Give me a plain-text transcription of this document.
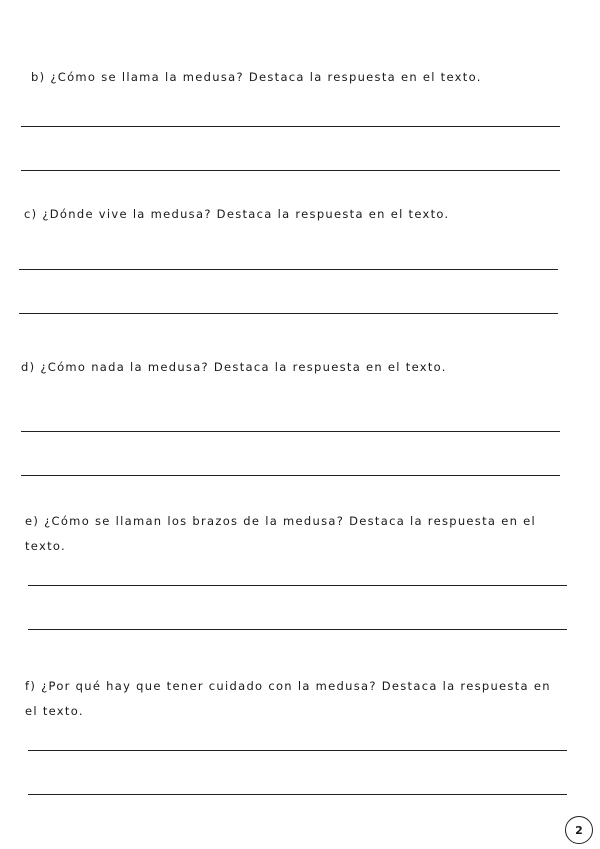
b) ¿Cómo se llama la medusa? Destaca la respuesta en el texto.

c) ¿Dónde vive la medusa? Destaca la respuesta en el texto.

d) ¿Cómo nada la medusa? Destaca la respuesta en el texto.

e) ¿Cómo se llaman los brazos de la medusa? Destaca la respuesta en el

texto.

f) ¿Por qué hay que tener cuidado con la medusa? Destaca la respuesta en

el texto.

2
